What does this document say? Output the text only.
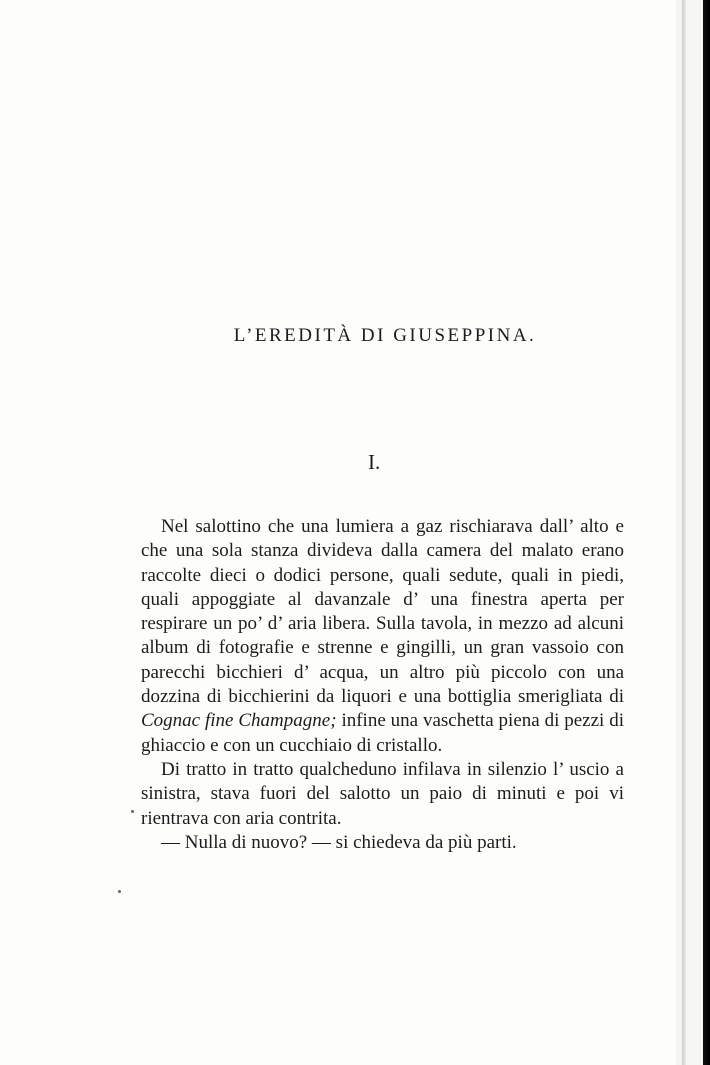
L’EREDITÀ DI GIUSEPPINA.
I.

Nel salottino che una lumiera a gaz rischiarava dall’ alto e che una sola stanza divideva dalla camera del malato erano raccolte dieci o dodici persone, quali sedute, quali in piedi, quali appoggiate al davanzale d’ una finestra aperta per respirare un po’ d’ aria libera. Sulla tavola, in mezzo ad alcuni album di fotografie e strenne e gingilli, un gran vassoio con parecchi bicchieri d’ acqua, un altro più piccolo con una dozzina di bicchierini da liquori e una bottiglia smerigliata di Cognac fine Champagne; infine una vaschetta piena di pezzi di ghiaccio e con un cucchiaio di cristallo.

Di tratto in tratto qualcheduno infilava in silenzio l’ uscio a sinistra, stava fuori del salotto un paio di minuti e poi vi rientrava con aria contrita.

— Nulla di nuovo? — si chiedeva da più parti.
